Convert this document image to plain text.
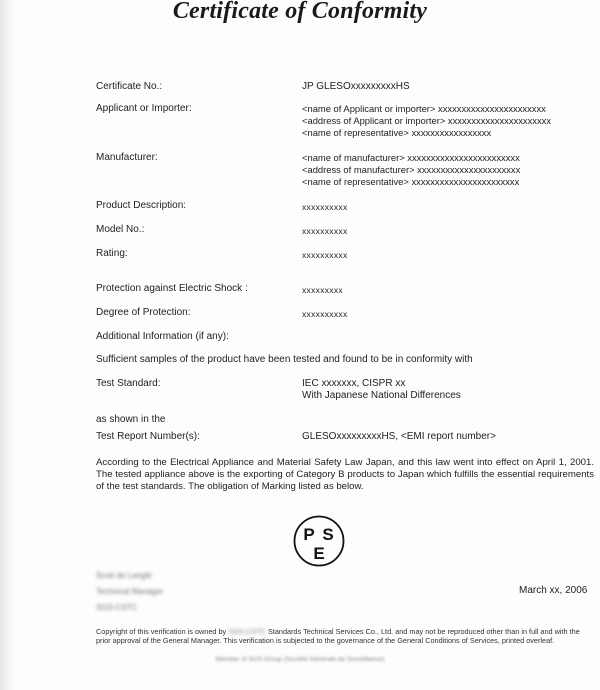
Certificate of Conformity
Certificate No.:	JP GLESOxxxxxxxxxHS
Applicant or Importer:	<name of Applicant or importer> xxxxxxxxxxxxxxxxxxxxxxx
<address of Applicant or importer> xxxxxxxxxxxxxxxxxxxxxx
<name of representative> xxxxxxxxxxxxxxxxx
Manufacturer:	<name of manufacturer> xxxxxxxxxxxxxxxxxxxxxxxx
<address of manufacturer> xxxxxxxxxxxxxxxxxxxxxx
<name of representative> xxxxxxxxxxxxxxxxxxxxxxx
Product Description:	xxxxxxxxxx
Model No.:	xxxxxxxxxx
Rating:	xxxxxxxxxx
Protection against Electric Shock :	xxxxxxxxx
Degree of Protection:	xxxxxxxxxx
Additional Information (if any):
Sufficient samples of the product have been tested and found to be in conformity with
Test Standard:	IEC xxxxxxx, CISPR xx
With Japanese National Differences
as shown in the
Test Report Number(s):	GLESOxxxxxxxxxHS, <EMI report number>
According to the Electrical Appliance and Material Safety Law Japan, and this law went into effect on April 1, 2001. The tested appliance above is the exporting of Category B products to Japan which fulfills the essential requirements of the test standards. The obligation of Marking listed as below.
P S
E
Scott de Langlé
Technical Manager
SGS-CSTC
March xx, 2006
Copyright of this verification is owned by SGS-CSTC Standards Technical Services Co., Ltd. and may not be reproduced other than in full and with the prior approval of the General Manager. This verification is subjected to the governance of the General Conditions of Services, printed overleaf.
Member of SGS Group (Société Générale de Surveillance)
